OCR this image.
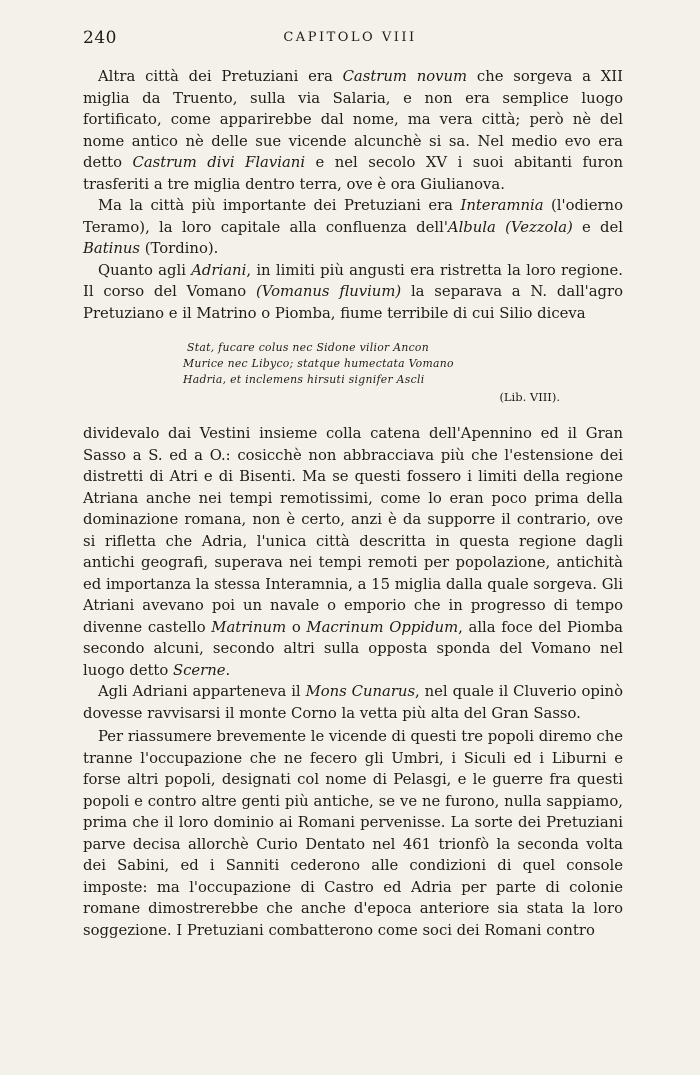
240	CAPITOLO VIII

Altra città dei Pretuziani era Castrum novum che sorgeva a XII miglia da Truento, sulla via Salaria, e non era semplice luogo fortificato, come apparirebbe dal nome, ma vera città; però nè del nome antico nè delle sue vicende alcunchè si sa. Nel medio evo era detto Castrum divi Flaviani e nel secolo XV i suoi abitanti furon trasferiti a tre miglia dentro terra, ove è ora Giulianova.

Ma la città più importante dei Pretuziani era Interamnia (l'odierno Teramo), la loro capitale alla confluenza dell'Albula (Vezzola) e del Batinus (Tordino).

Quanto agli Adriani, in limiti più angusti era ristretta la loro regione. Il corso del Vomano (Vomanus fluvium) la separava a N. dall'agro Pretuziano e il Matrino o Piomba, fiume terribile di cui Silio diceva

Stat, fucare colus nec Sidone vilior Ancon
Murice nec Libyco; statque humectata Vomano
Hadria, et inclemens hirsuti signifer Ascli
(Lib. VIII).

dividevalo dai Vestini insieme colla catena dell'Apennino ed il Gran Sasso a S. ed a O.: cosicchè non abbracciava più che l'estensione dei distretti di Atri e di Bisenti. Ma se questi fossero i limiti della regione Atriana anche nei tempi remotissimi, come lo eran poco prima della dominazione romana, non è certo, anzi è da supporre il contrario, ove si rifletta che Adria, l'unica città descritta in questa regione dagli antichi geografi, superava nei tempi remoti per popolazione, antichità ed importanza la stessa Interamnia, a 15 miglia dalla quale sorgeva. Gli Atriani avevano poi un navale o emporio che in progresso di tempo divenne castello Matrinum o Macrinum Oppidum, alla foce del Piomba secondo alcuni, secondo altri sulla opposta sponda del Vomano nel luogo detto Scerne.

Agli Adriani apparteneva il Mons Cunarus, nel quale il Cluverio opinò dovesse ravvisarsi il monte Corno la vetta più alta del Gran Sasso.

Per riassumere brevemente le vicende di questi tre popoli diremo che tranne l'occupazione che ne fecero gli Umbri, i Siculi ed i Liburni e forse altri popoli, designati col nome di Pelasgi, e le guerre fra questi popoli e contro altre genti più antiche, se ve ne furono, nulla sappiamo, prima che il loro dominio ai Romani pervenisse. La sorte dei Pretuziani parve decisa allorchè Curio Dentato nel 461 trionfò la seconda volta dei Sabini, ed i Sanniti cederono alle condizioni di quel console imposte: ma l'occupazione di Castro ed Adria per parte di colonie romane dimostrerebbe che anche d'epoca anteriore sia stata la loro soggezione. I Pretuziani combatterono come soci dei Romani contro
